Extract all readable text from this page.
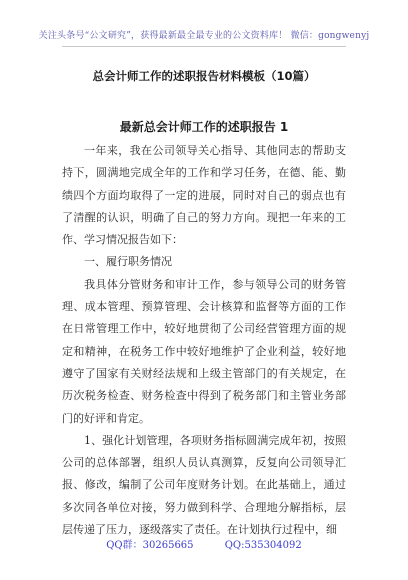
关注头条号“公文研究”，获得最新最全最专业的公文资料库！ 微信：gongwenyj
总会计师工作的述职报告材料模板（10篇）
最新总会计师工作的述职报告 1

一年来，我在公司领导关心指导、其他同志的帮助支持下，圆满地完成全年的工作和学习任务，在德、能、勤绩四个方面均取得了一定的进展，同时对自己的弱点也有了清醒的认识，明确了自己的努力方向。现把一年来的工作、学习情况报告如下：

一、履行职务情况

我具体分管财务和审计工作，参与领导公司的财务管理、成本管理、预算管理、会计核算和监督等方面的工作在日常管理工作中，较好地贯彻了公司经营管理方面的规定和精神，在税务工作中较好地维护了企业利益，较好地遵守了国家有关财经法规和上级主管部门的有关规定，在历次税务检查、财务检查中得到了税务部门和主管业务部门的好评和肯定。

1、强化计划管理，各项财务指标圆满完成年初，按照公司的总体部署，组织人员认真测算，反复向公司领导汇报、修改，编制了公司年度财务计划。在此基础上，通过多次同各单位对接，努力做到科学、合理地分解指标，层层传递了压力，逐级落实了责任。在计划执行过程中，细

QQ群：30265665	QQ:535304092
